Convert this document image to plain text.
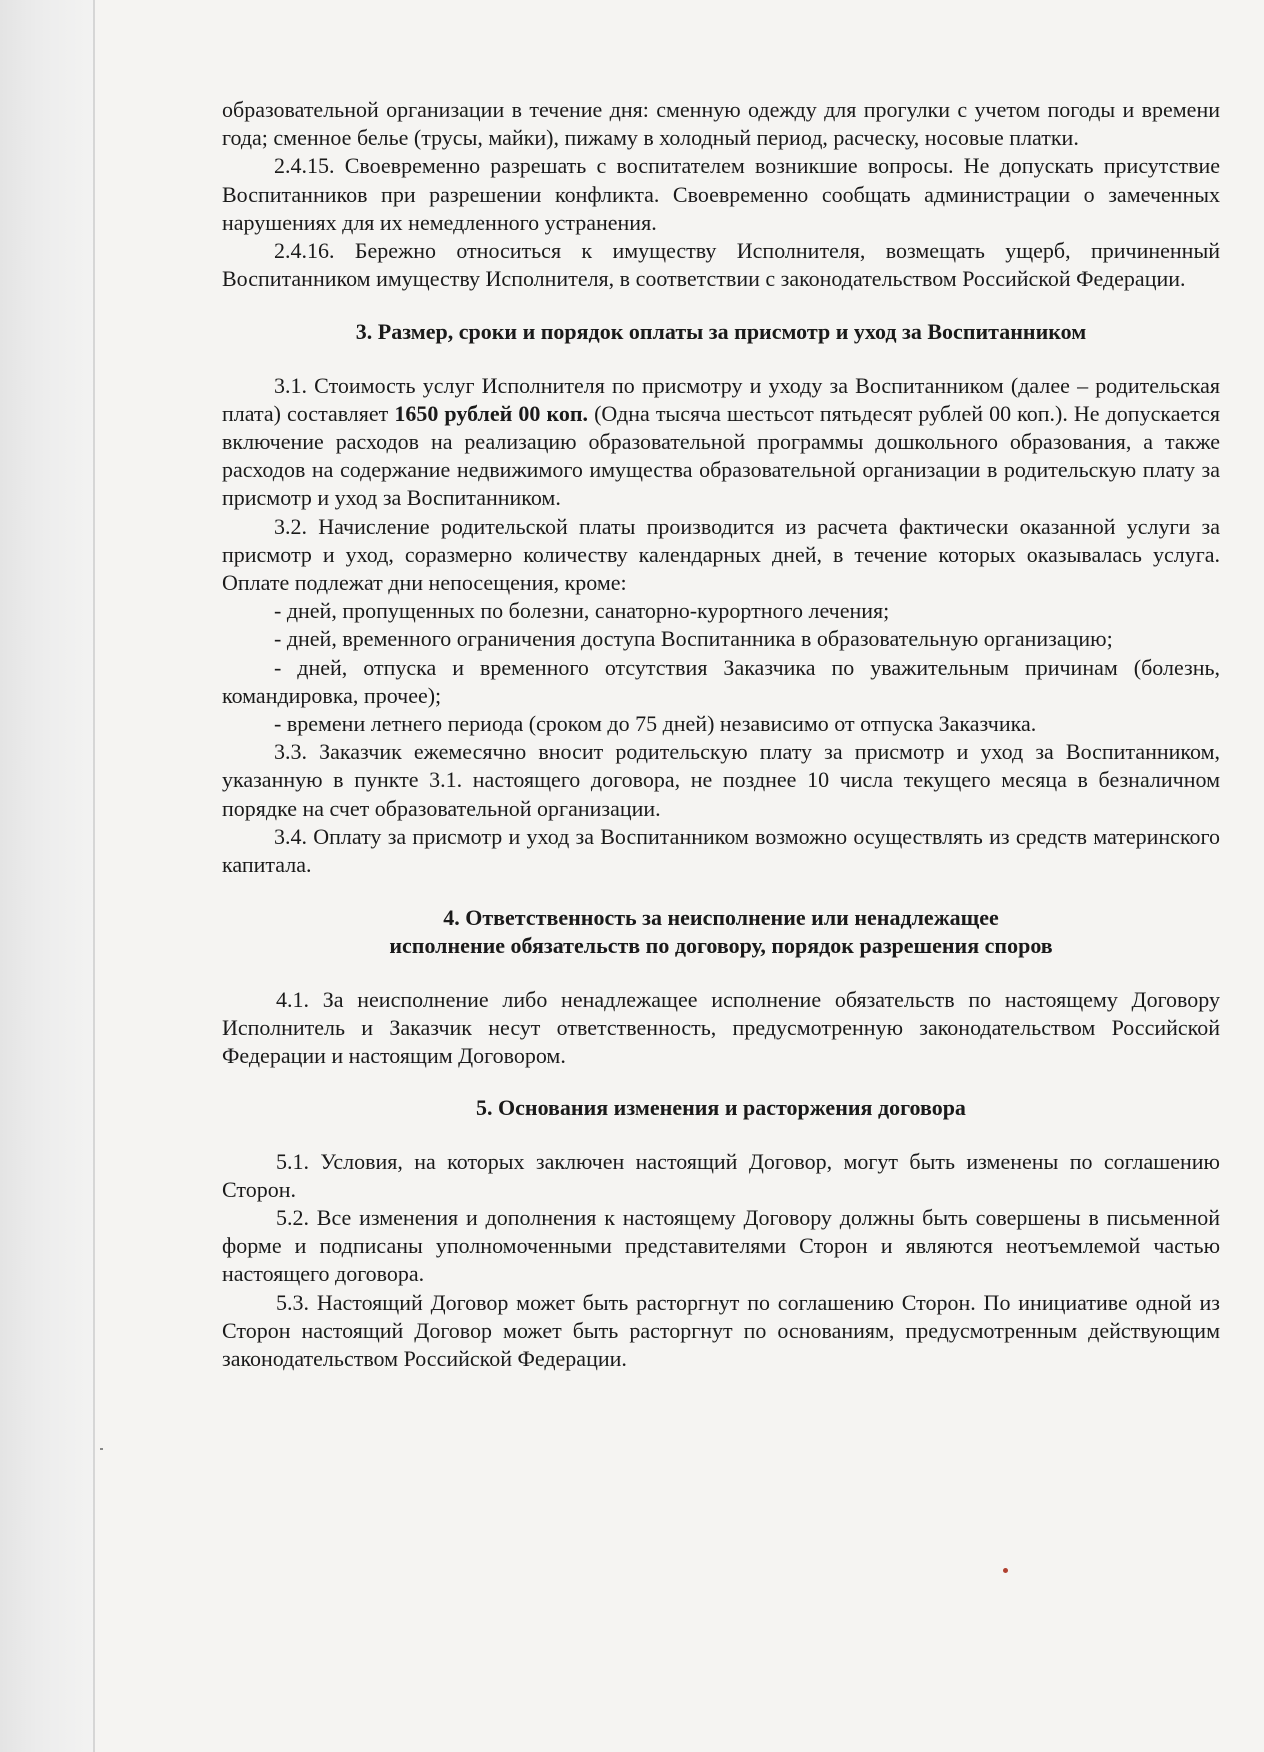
образовательной организации в течение дня: сменную одежду для прогулки с учетом погоды и времени года; сменное белье (трусы, майки), пижаму в холодный период, расческу, носовые платки.

2.4.15. Своевременно разрешать с воспитателем возникшие вопросы. Не допускать присутствие Воспитанников при разрешении конфликта. Своевременно сообщать администрации о замеченных нарушениях для их немедленного устранения.

2.4.16. Бережно относиться к имуществу Исполнителя, возмещать ущерб, причиненный Воспитанником имуществу Исполнителя, в соответствии с законодательством Российской Федерации.

3. Размер, сроки и порядок оплаты за присмотр и уход за Воспитанником

3.1. Стоимость услуг Исполнителя по присмотру и уходу за Воспитанником (далее – родительская плата) составляет 1650 рублей 00 коп. (Одна тысяча шестьсот пятьдесят рублей 00 коп.). Не допускается включение расходов на реализацию образовательной программы дошкольного образования, а также расходов на содержание недвижимого имущества образовательной организации в родительскую плату за присмотр и уход за Воспитанником.

3.2. Начисление родительской платы производится из расчета фактически оказанной услуги за присмотр и уход, соразмерно количеству календарных дней, в течение которых оказывалась услуга. Оплате подлежат дни непосещения, кроме:

- дней, пропущенных по болезни, санаторно-курортного лечения;

- дней, временного ограничения доступа Воспитанника в образовательную организацию;

- дней, отпуска и временного отсутствия Заказчика по уважительным причинам (болезнь, командировка, прочее);

- времени летнего периода (сроком до 75 дней) независимо от отпуска Заказчика.

3.3. Заказчик ежемесячно вносит родительскую плату за присмотр и уход за Воспитанником, указанную в пункте 3.1. настоящего договора, не позднее 10 числа текущего месяца в безналичном порядке на счет образовательной организации.

3.4. Оплату за присмотр и уход за Воспитанником возможно осуществлять из средств материнского капитала.

4. Ответственность за неисполнение или ненадлежащее
исполнение обязательств по договору, порядок разрешения споров

4.1. За неисполнение либо ненадлежащее исполнение обязательств по настоящему Договору Исполнитель и Заказчик несут ответственность, предусмотренную законодательством Российской Федерации и настоящим Договором.

5. Основания изменения и расторжения договора

5.1. Условия, на которых заключен настоящий Договор, могут быть изменены по соглашению Сторон.

5.2. Все изменения и дополнения к настоящему Договору должны быть совершены в письменной форме и подписаны уполномоченными представителями Сторон и являются неотъемлемой частью настоящего договора.

5.3. Настоящий Договор может быть расторгнут по соглашению Сторон. По инициативе одной из Сторон настоящий Договор может быть расторгнут по основаниям, предусмотренным действующим законодательством Российской Федерации.
